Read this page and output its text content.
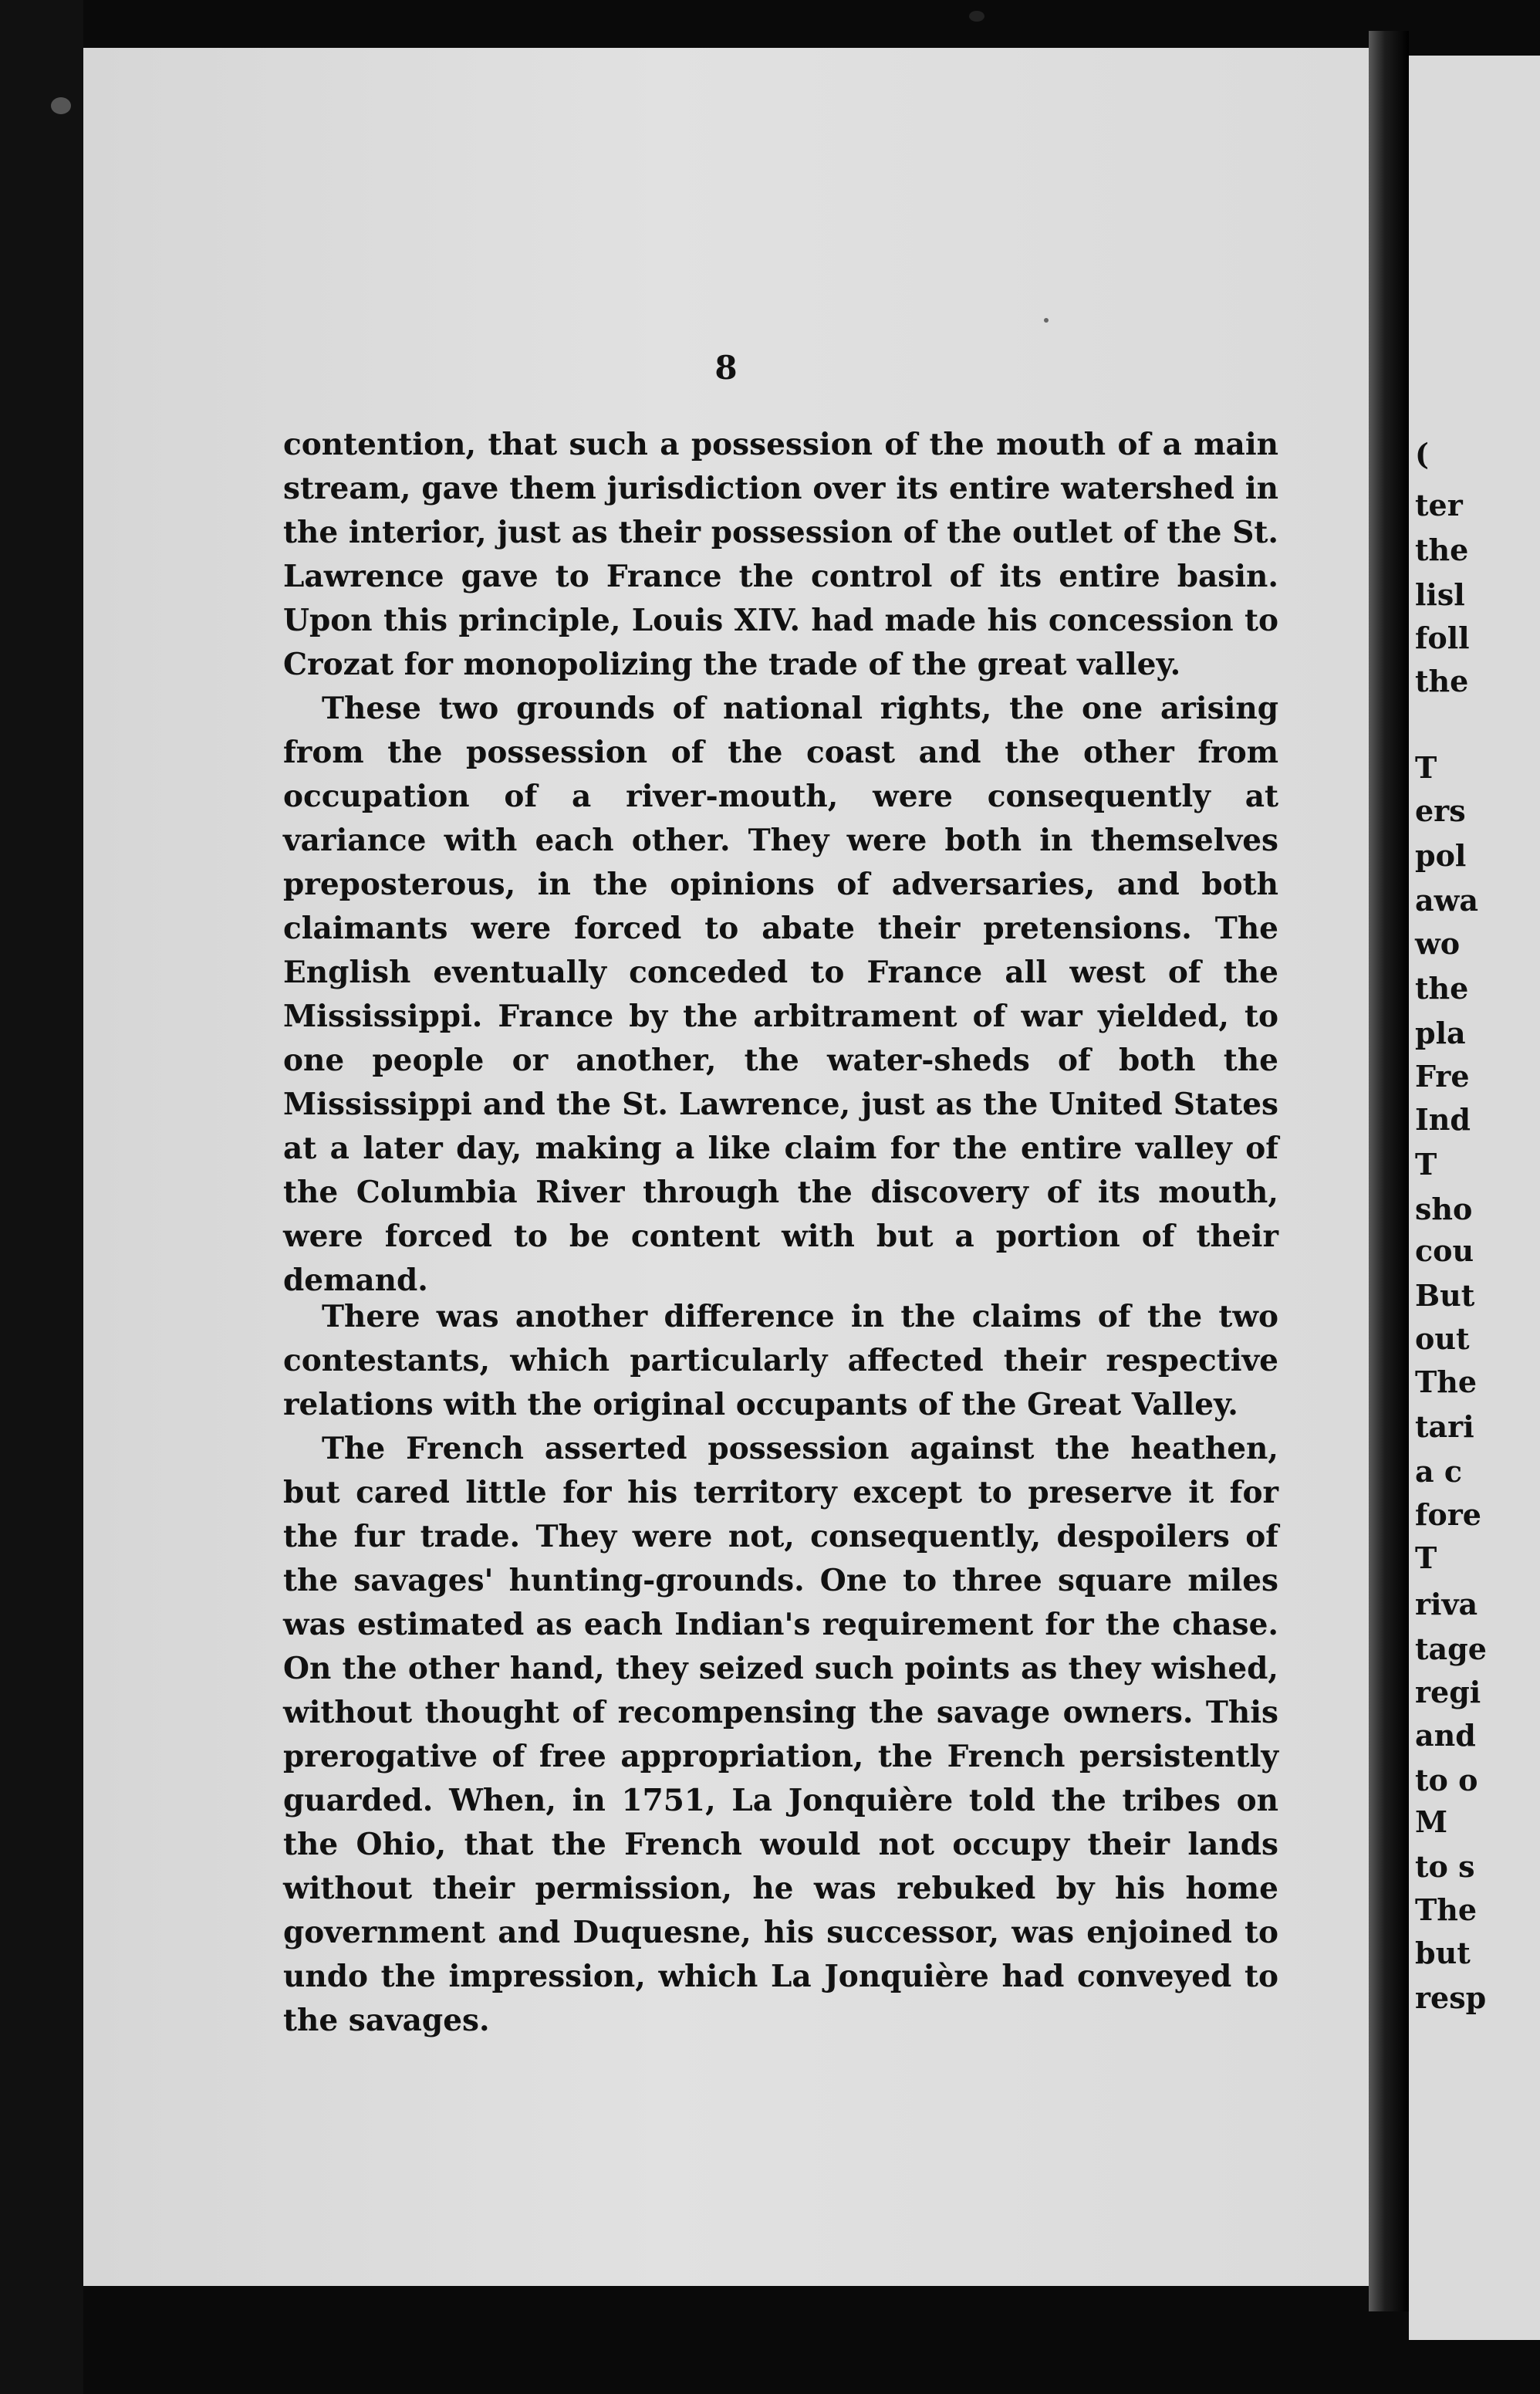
8

contention, that such a possession of the mouth of a main stream, gave them jurisdiction over its entire watershed in the interior, just as their possession of the outlet of the St. Lawrence gave to France the control of its entire basin. Upon this principle, Louis XIV. had made his concession to Crozat for monopolizing the trade of the great valley.

These two grounds of national rights, the one arising from the possession of the coast and the other from occupation of a river-mouth, were consequently at variance with each other. They were both in themselves preposterous, in the opinions of adversaries, and both claimants were forced to abate their pretensions. The English eventually conceded to France all west of the Mississippi. France by the arbitrament of war yielded, to one people or another, the water-sheds of both the Mississippi and the St. Lawrence, just as the United States at a later day, making a like claim for the entire valley of the Columbia River through the discovery of its mouth, were forced to be content with but a portion of their demand.

There was another difference in the claims of the two contestants, which particularly affected their respective relations with the original occupants of the Great Valley.

The French asserted possession against the heathen, but cared little for his territory except to preserve it for the fur trade. They were not, consequently, despoilers of the savages' hunting-grounds. One to three square miles was estimated as each Indian's requirement for the chase. On the other hand, they seized such points as they wished, without thought of recompensing the savage owners. This prerogative of free appropriation, the French persistently guarded. When, in 1751, La Jonquière told the tribes on the Ohio, that the French would not occupy their lands without their permission, he was rebuked by his home government and Duquesne, his successor, was enjoined to undo the impression, which La Jonquière had conveyed to the savages.

(
ter
the
lisl
foll
the
T
ers
pol
awa
wo
the
pla
Fre
Ind
T
sho
cou
But
out
The
tari
a c
fore
T
riva
tage
regi
and
to o
M
to s
The
but
resp
